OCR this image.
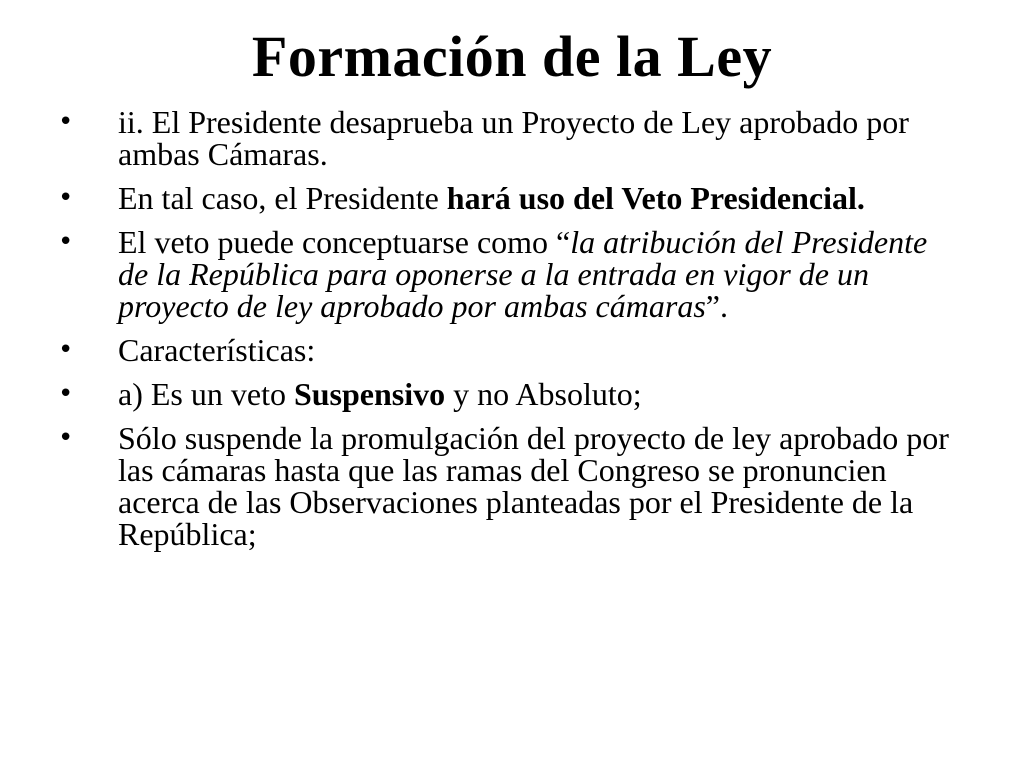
Formación de la Ley
• ii. El Presidente desaprueba un Proyecto de Ley aprobado por ambas Cámaras.
• En tal caso, el Presidente hará uso del Veto Presidencial.
• El veto puede conceptuarse como “la atribución del Presidente de la República para oponerse a la entrada en vigor de un proyecto de ley aprobado por ambas cámaras”.
• Características:
• a) Es un veto Suspensivo y no Absoluto;
• Sólo suspende la promulgación del proyecto de ley aprobado por las cámaras hasta que las ramas del Congreso se pronuncien acerca de las Observaciones planteadas por el Presidente de la República;
